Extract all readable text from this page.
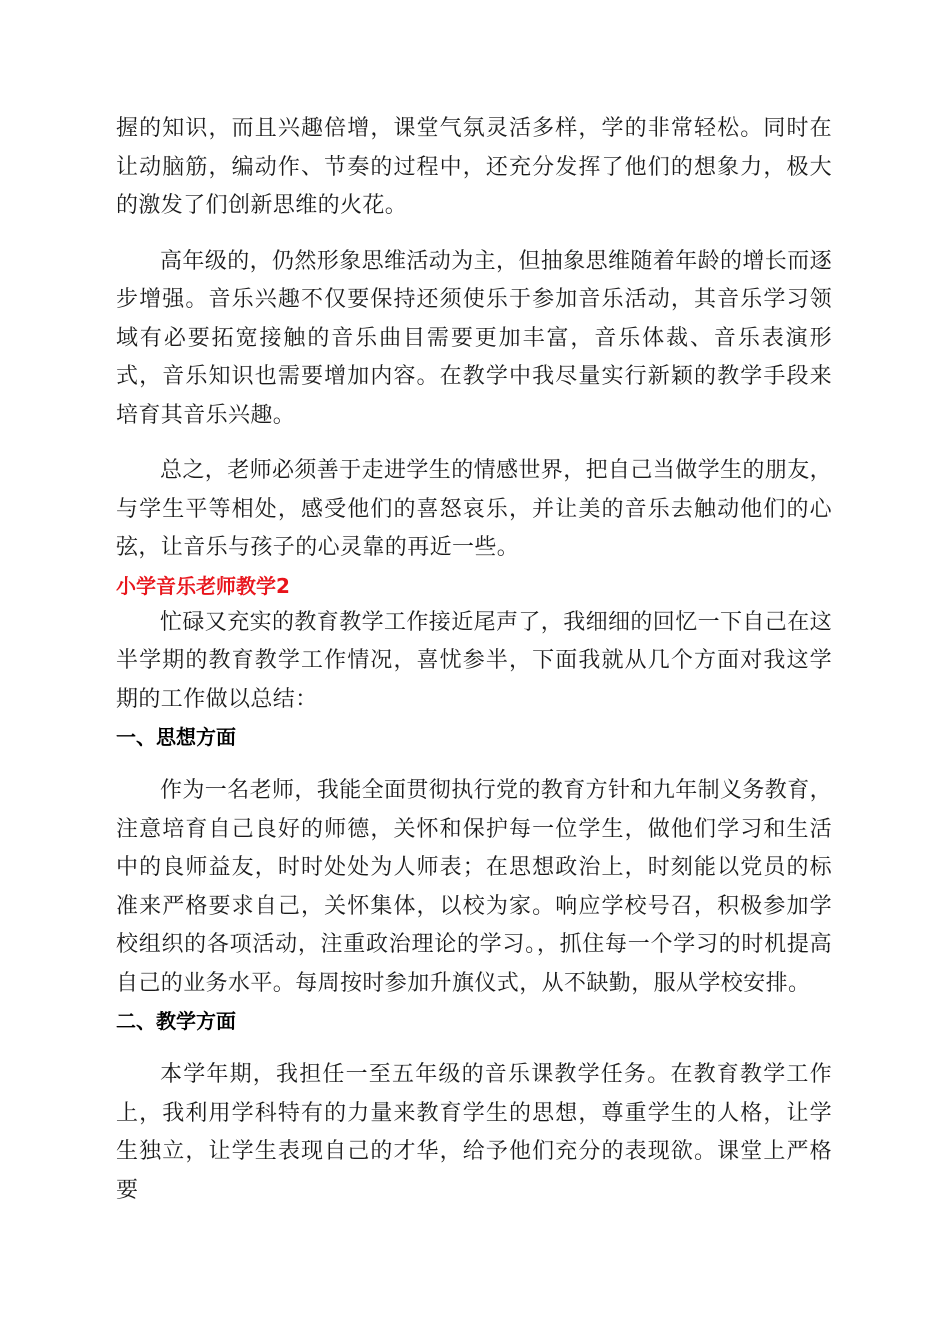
握的知识，而且兴趣倍增，课堂气氛灵活多样，学的非常轻松。同时在让动脑筋，编动作、节奏的过程中，还充分发挥了他们的想象力，极大的激发了们创新思维的火花。

高年级的，仍然形象思维活动为主，但抽象思维随着年龄的增长而逐步增强。音乐兴趣不仅要保持还须使乐于参加音乐活动，其音乐学习领域有必要拓宽接触的音乐曲目需要更加丰富，音乐体裁、音乐表演形式，音乐知识也需要增加内容。在教学中我尽量实行新颖的教学手段来培育其音乐兴趣。

总之，老师必须善于走进学生的情感世界，把自己当做学生的朋友，与学生平等相处，感受他们的喜怒哀乐，并让美的音乐去触动他们的心弦，让音乐与孩子的心灵靠的再近一些。

小学音乐老师教学2

忙碌又充实的教育教学工作接近尾声了，我细细的回忆一下自己在这半学期的教育教学工作情况，喜忧参半，下面我就从几个方面对我这学期的工作做以总结：

一、思想方面

作为一名老师，我能全面贯彻执行党的教育方针和九年制义务教育，注意培育自己良好的师德，关怀和保护每一位学生，做他们学习和生活中的良师益友，时时处处为人师表；在思想政治上，时刻能以党员的标准来严格要求自己，关怀集体，以校为家。响应学校号召，积极参加学校组织的各项活动，注重政治理论的学习。，抓住每一个学习的时机提高自己的业务水平。每周按时参加升旗仪式，从不缺勤，服从学校安排。

二、教学方面

本学年期，我担任一至五年级的音乐课教学任务。在教育教学工作上，我利用学科特有的力量来教育学生的思想，尊重学生的人格，让学生独立，让学生表现自己的才华，给予他们充分的表现欲。课堂上严格要
